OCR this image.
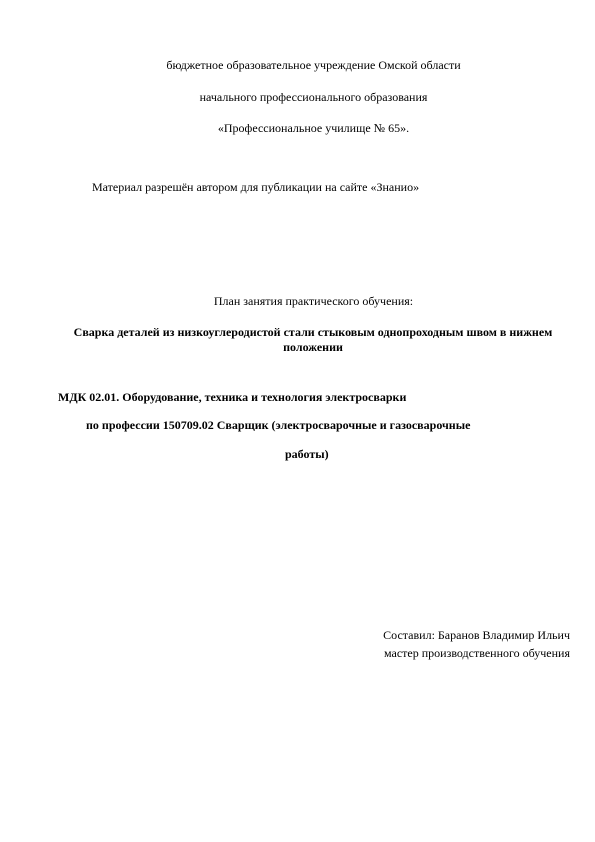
бюджетное образовательное учреждение Омской области
начального профессионального образования
«Профессиональное училище № 65».
Материал разрешён автором для публикации на сайте «Знанио»
План занятия практического обучения:
Сварка деталей из низкоуглеродистой стали стыковым однопроходным швом в нижнем положении
МДК 02.01. Оборудование, техника и технология электросварки
по профессии 150709.02 Сварщик (электросварочные и газосварочные
работы)
Составил: Баранов Владимир Ильич
мастер производственного обучения
